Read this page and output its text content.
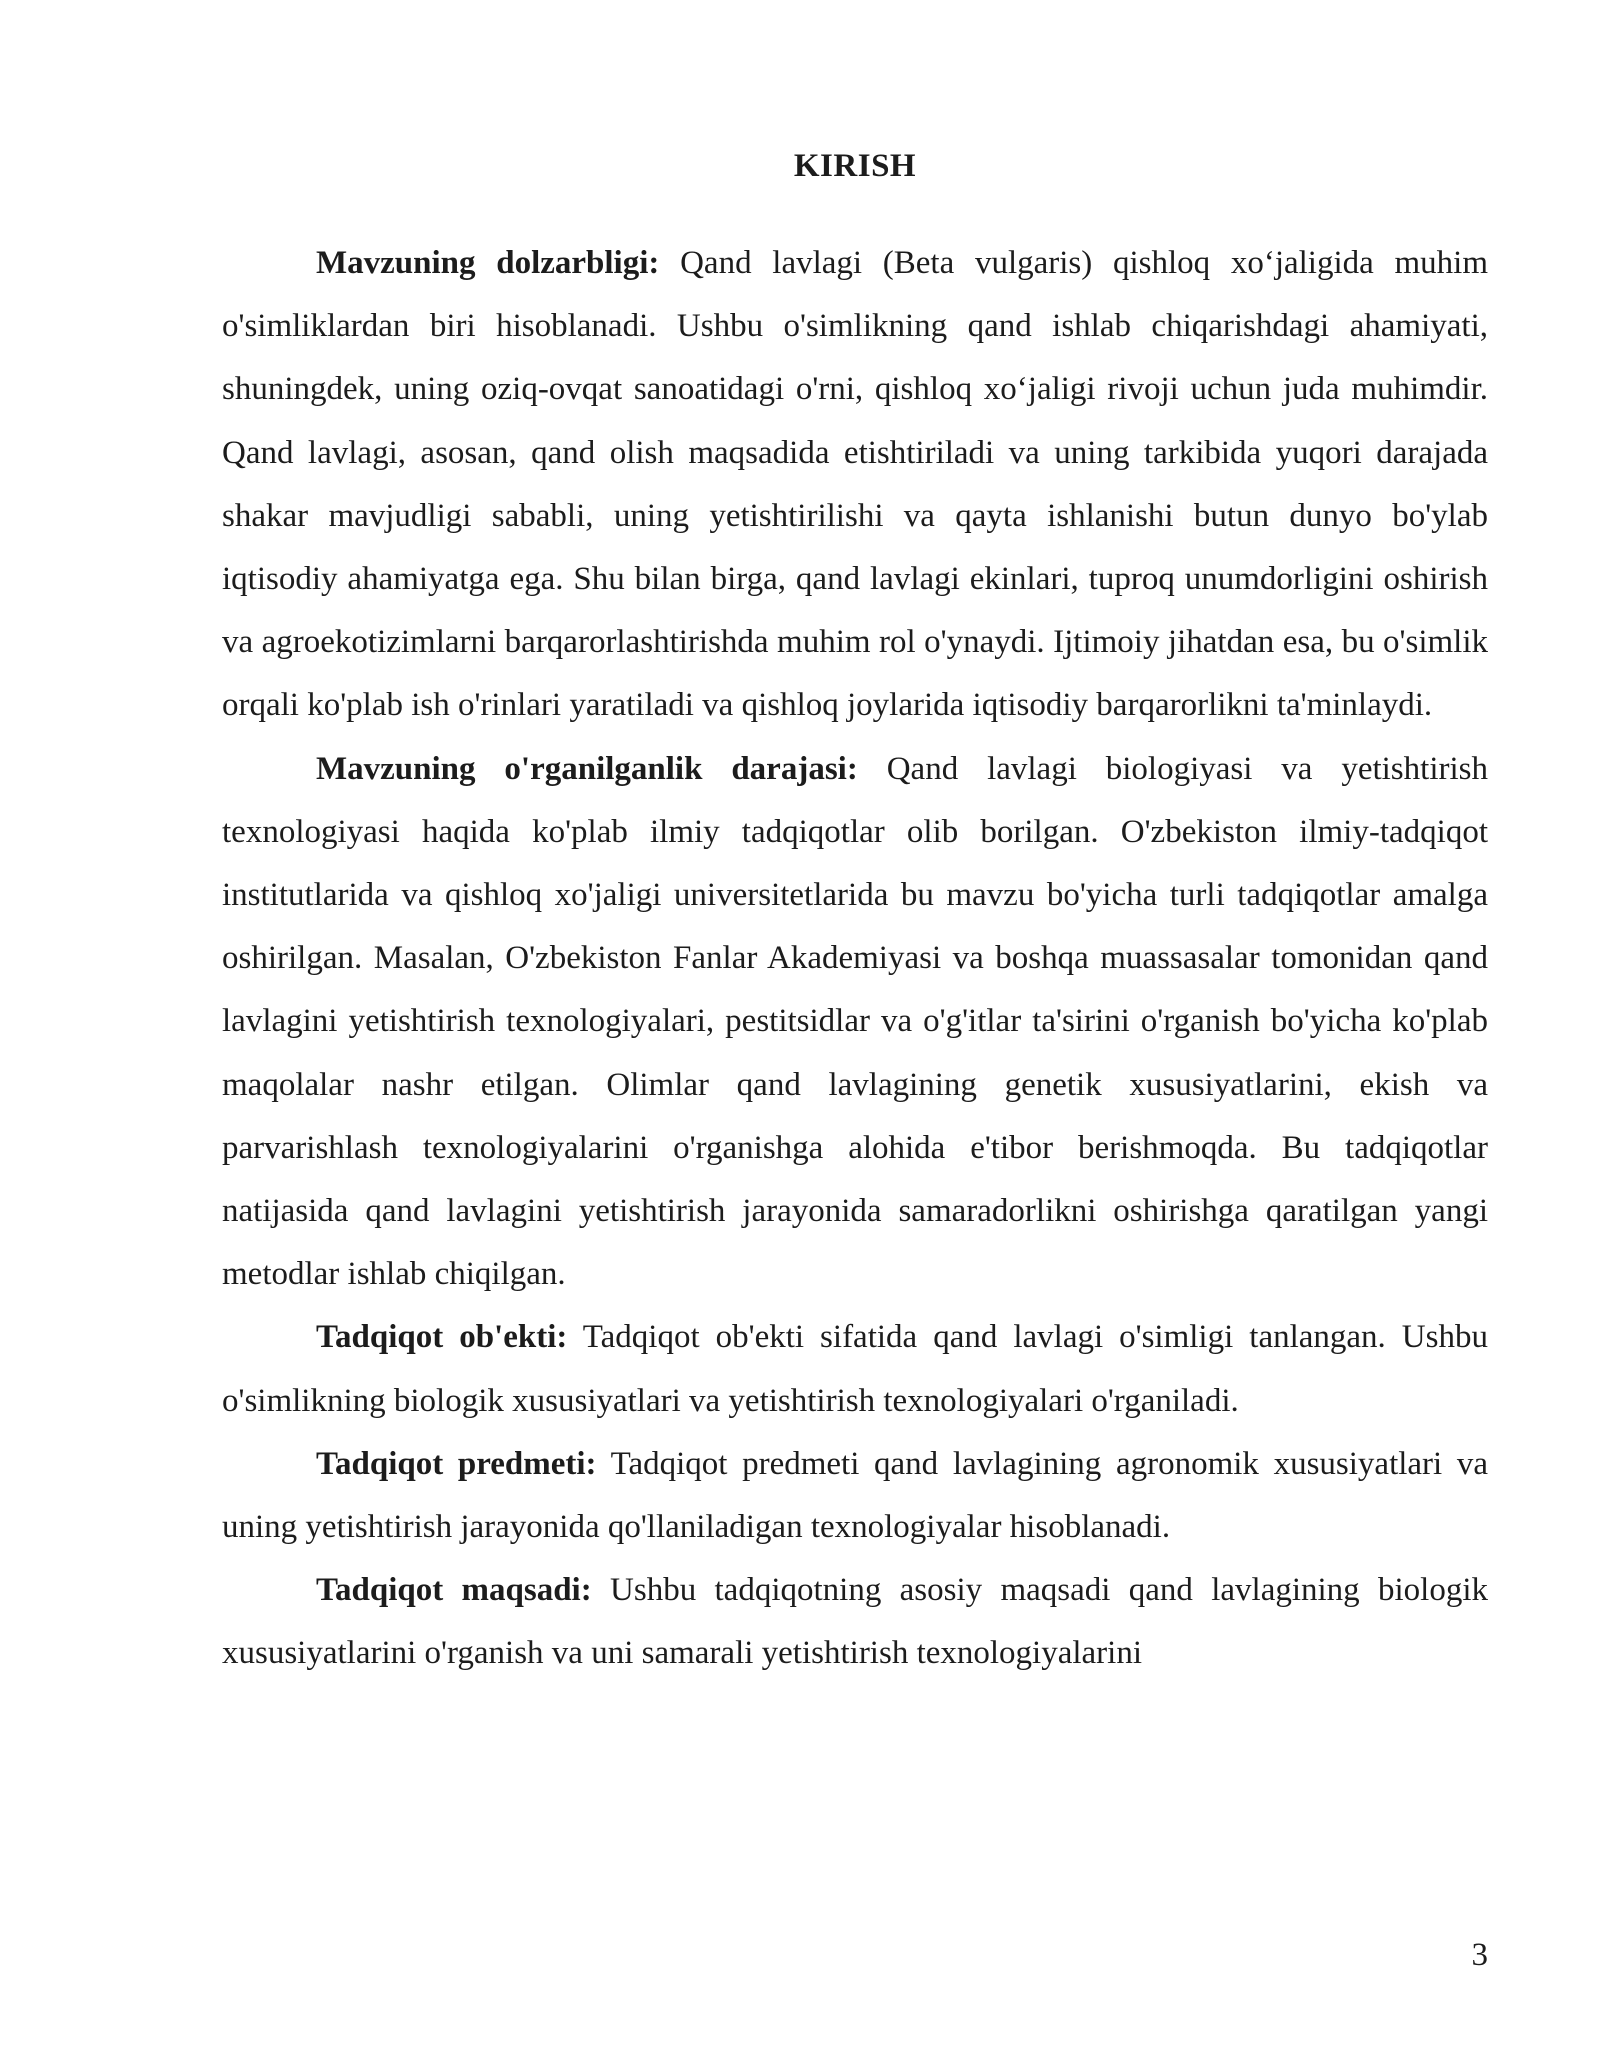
KIRISH

Mavzuning dolzarbligi: Qand lavlagi (Beta vulgaris) qishloq xo‘jaligida muhim o'simliklardan biri hisoblanadi. Ushbu o'simlikning qand ishlab chiqarishdagi ahamiyati, shuningdek, uning oziq-ovqat sanoatidagi o'rni, qishloq xo‘jaligi rivoji uchun juda muhimdir. Qand lavlagi, asosan, qand olish maqsadida etishtiriladi va uning tarkibida yuqori darajada shakar mavjudligi sababli, uning yetishtirilishi va qayta ishlanishi butun dunyo bo'ylab iqtisodiy ahamiyatga ega. Shu bilan birga, qand lavlagi ekinlari, tuproq unumdorligini oshirish va agroekotizimlarni barqarorlashtirishda muhim rol o'ynaydi. Ijtimoiy jihatdan esa, bu o'simlik orqali ko'plab ish o'rinlari yaratiladi va qishloq joylarida iqtisodiy barqarorlikni ta'minlaydi.

Mavzuning o'rganilganlik darajasi: Qand lavlagi biologiyasi va yetishtirish texnologiyasi haqida ko'plab ilmiy tadqiqotlar olib borilgan. O'zbekiston ilmiy-tadqiqot institutlarida va qishloq xo'jaligi universitetlarida bu mavzu bo'yicha turli tadqiqotlar amalga oshirilgan. Masalan, O'zbekiston Fanlar Akademiyasi va boshqa muassasalar tomonidan qand lavlagini yetishtirish texnologiyalari, pestitsidlar va o'g'itlar ta'sirini o'rganish bo'yicha ko'plab maqolalar nashr etilgan. Olimlar qand lavlagining genetik xususiyatlarini, ekish va parvarishlash texnologiyalarini o'rganishga alohida e'tibor berishmoqda. Bu tadqiqotlar natijasida qand lavlagini yetishtirish jarayonida samaradorlikni oshirishga qaratilgan yangi metodlar ishlab chiqilgan.

Tadqiqot ob'ekti: Tadqiqot ob'ekti sifatida qand lavlagi o'simligi tanlangan. Ushbu o'simlikning biologik xususiyatlari va yetishtirish texnologiyalari o'rganiladi.

Tadqiqot predmeti: Tadqiqot predmeti qand lavlagining agronomik xususiyatlari va uning yetishtirish jarayonida qo'llaniladigan texnologiyalar hisoblanadi.

Tadqiqot maqsadi: Ushbu tadqiqotning asosiy maqsadi qand lavlagining biologik xususiyatlarini o'rganish va uni samarali yetishtirish texnologiyalarini

3
